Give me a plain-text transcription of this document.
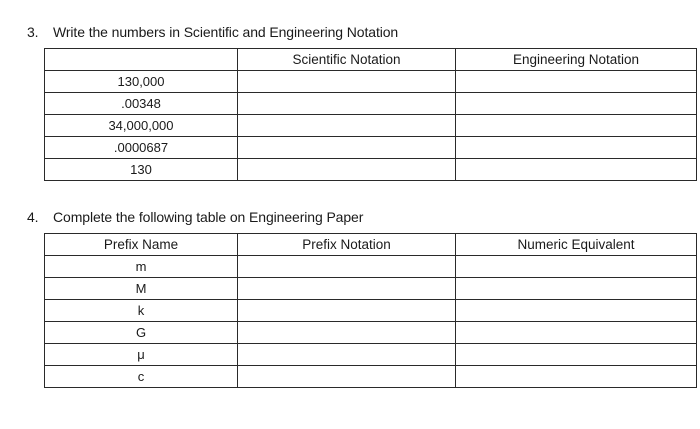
3. Write the numbers in Scientific and Engineering Notation
	Scientific Notation	Engineering Notation
130,000		
.00348		
34,000,000		
.0000687		
130		
4. Complete the following table on Engineering Paper
Prefix Name	Prefix Notation	Numeric Equivalent
m		
M		
k		
G		
μ		
c		
